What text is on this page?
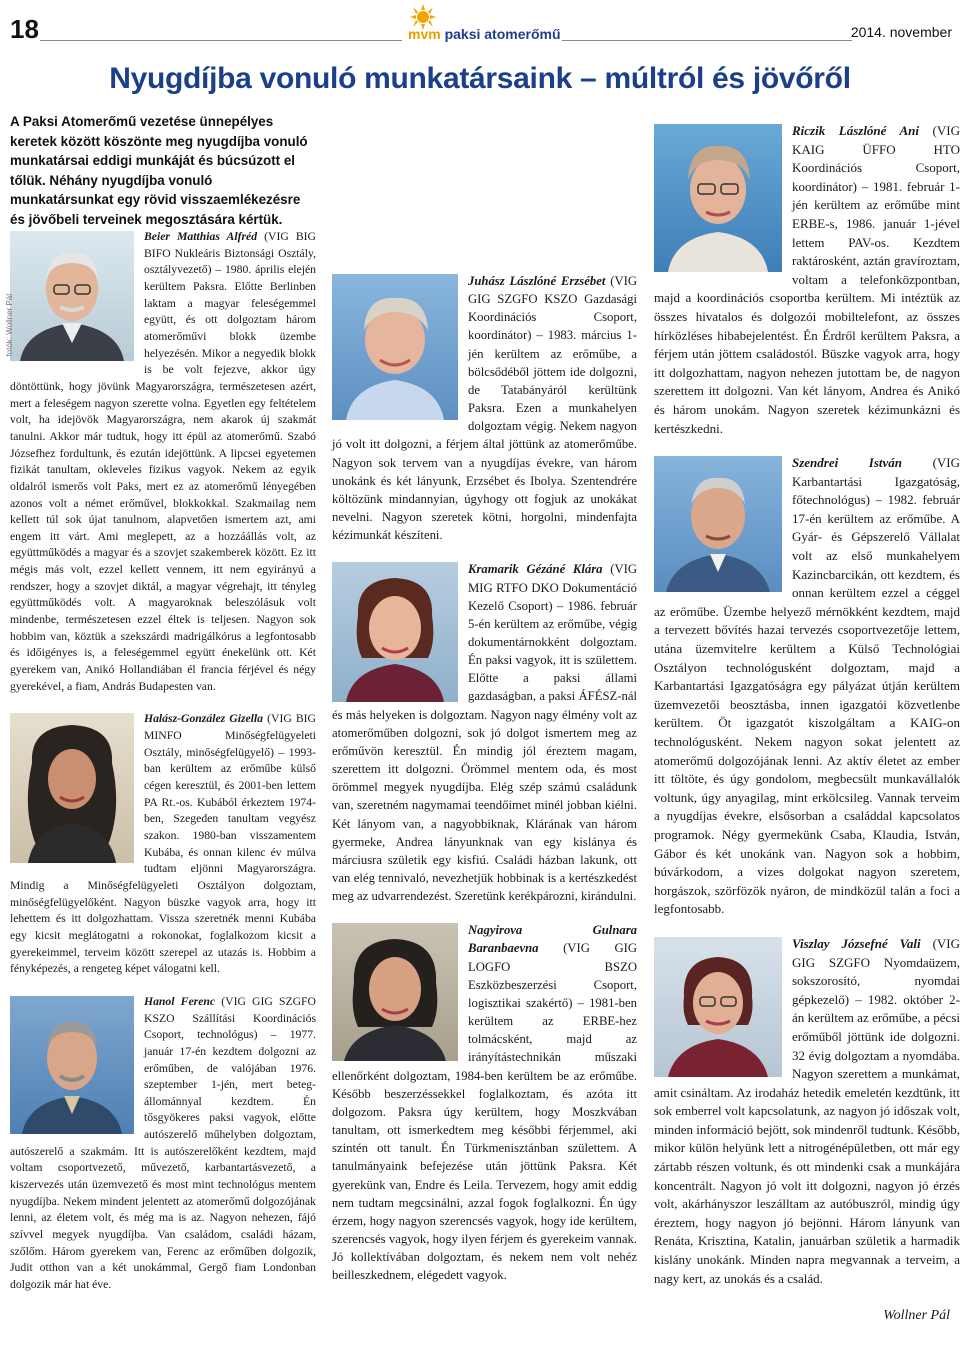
18	mvm paksi atomerőmű	2014. november
Nyugdíjba vonuló munkatársaink – múltról és jövőről

A Paksi Atomerőmű vezetése ünnepélyes keretek között köszönte meg nyugdíjba vonuló munkatársai eddigi munkáját és búcsúzott el tőlük. Néhány nyugdíjba vonuló munkatársunkat egy rövid visszaemlékezésre és jövőbeli terveinek megosztására kértük.

fotók: Wollner Pál

Beier Matthias Alfréd (VIG BIG BIFO Nukleáris Biztonsági Osztály, osztályvezető) – 1980. április elején kerültem Paksra. Előtte Berlinben laktam a magyar feleségemmel együtt, és ott dolgoztam három atomerőművi blokk üzembe helyezésén. Mikor a negyedik blokk is be volt fejezve, akkor úgy döntöttünk, hogy jövünk Magyarországra, természetesen azért, mert a feleségem nagyon szerette volna. Egyetlen egy feltételem volt, ha idejövök Magyarországra, nem akarok új szakmát tanulni. Akkor már tudtuk, hogy itt épül az atomerőmű. Szabó Józsefhez fordultunk, és ezután idejöttünk. A lipcsei egyetemen fizikát tanultam, okleveles fizikus vagyok. Nekem az egyik oldalról ismerős volt Paks, mert ez az atomerőmű lényegében azonos volt a német erőművel, blokkokkal. Szakmailag nem kellett túl sok újat tanulnom, alapvetően ismertem azt, ami engem itt várt. Ami meglepett, az a hozzáállás volt, az együttműködés a magyar és a szovjet szakemberek között. Ez itt mégis más volt, ezzel kellett vennem, itt nem egyirányú a rendszer, hogy a szovjet diktál, a magyar végrehajt, itt tényleg együttműködés volt. A magyaroknak beleszólásuk volt mindenbe, természetesen ezzel éltek is teljesen. Nagyon sok hobbim van, köztük a szekszárdi madrigálkórus a legfontosabb és időigényes is, a feleségemmel együtt énekelünk ott. Két gyerekem van, Anikó Hollandiában él francia férjével és négy gyerekével, a fiam, András Budapesten van.

Halász-González Gizella (VIG BIG MINFO Minőségfelügyeleti Osztály, minőségfelügyelő) – 1993-ban kerültem az erőműbe külső cégen keresztül, és 2001-ben lettem PA Rt.-os. Kubából érkeztem 1974-ben, Szegeden tanultam vegyész szakon. 1980-ban visszamentem Kubába, és onnan kilenc év múlva tudtam eljönni Magyarországra. Mindig a Minőségfelügyeleti Osztályon dolgoztam, minőségfelügyelőként. Nagyon büszke vagyok arra, hogy itt lehettem és itt dolgozhattam. Vissza szeretnék menni Kubába egy kicsit meglátogatni a rokonokat, foglalkozom kicsit a gyerekeimmel, terveim között szerepel az utazás is. Hobbim a fényképezés, a rengeteg képet válogatni kell.

Hanol Ferenc (VIG GIG SZGFO KSZO Szállítási Koordinációs Csoport, technológus) – 1977. január 17-én kezdtem dolgozni az erőműben, de valójában 1976. szeptember 1-jén, mert beteg-állománnyal kezdtem. Én tősgyökeres paksi vagyok, előtte autószerelő műhelyben dolgoztam, autószerelő a szakmám. Itt is autószerelőként kezdtem, majd voltam csoportvezető, művezető, karbantartásvezető, a kiszervezés után üzemvezető és most mint technológus mentem nyugdíjba. Nekem mindent jelentett az atomerőmű dolgozójának lenni, az életem volt, és még ma is az. Nagyon nehezen, fájó szívvel megyek nyugdíjba. Van családom, családi házam, szőlőm. Három gyerekem van, Ferenc az erőműben dolgozik, Judit otthon van a két unokámmal, Gergő fiam Londonban dolgozik már hat éve.

Juhász Lászlóné Erzsébet (VIG GIG SZGFO KSZO Gazdasági Koordinációs Csoport, koordinátor) – 1983. március 1-jén kerültem az erőműbe, a bölcsődéből jöttem ide dolgozni, de Tatabányáról kerültünk Paksra. Ezen a munkahelyen dolgoztam végig. Nekem nagyon jó volt itt dolgozni, a férjem által jöttünk az atomerőműbe. Nagyon sok tervem van a nyugdíjas évekre, van három unokánk és két lányunk, Erzsébet és Ibolya. Szentendrére költözünk mindannyian, úgyhogy ott fogjuk az unokákat nevelni. Nagyon szeretek kötni, horgolni, mindenfajta kézimunkát készíteni.

Kramarik Gézáné Klára (VIG MIG RTFO DKO Dokumentáció Kezelő Csoport) – 1986. február 5-én kerültem az erőműbe, végig dokumentárnokként dolgoztam. Én paksi vagyok, itt is születtem. Előtte a paksi állami gazdaságban, a paksi ÁFÉSZ-nál és más helyeken is dolgoztam. Nagyon nagy élmény volt az atomerőműben dolgozni, sok jó dolgot ismertem meg az erőművön keresztül. Én mindig jól éreztem magam, szerettem itt dolgozni. Örömmel mentem oda, és most örömmel megyek nyugdíjba. Elég szép számú családunk van, szeretném nagymamai teendőimet minél jobban kiélni. Két lányom van, a nagyobbiknak, Klárának van három gyermeke, Andrea lányunknak van egy kislánya és márciusra születik egy kisfiú. Családi házban lakunk, ott van elég tennivaló, nevezhetjük hobbinak is a kertészkedést meg az udvarrendezést. Szeretünk kerékpározni, kirándulni.

Nagyirova Gulnara Baranbaevna (VIG GIG LOGFO BSZO Eszközbeszerzési Csoport, logisztikai szakértő) – 1981-ben kerültem az ERBE-hez tolmácsként, majd az irányítástechnikán műszaki ellenőrként dolgoztam, 1984-ben kerültem be az erőműbe. Később beszerzéssekkel foglalkoztam, és azóta itt dolgozom. Paksra úgy kerültem, hogy Moszkvában tanultam, ott ismerkedtem meg későbbi férjemmel, aki szintén ott tanult. Én Türkmenisztánban születtem. A tanulmányaink befejezése után jöttünk Paksra. Két gyerekünk van, Endre és Leila. Tervezem, hogy amit eddig nem tudtam megcsinálni, azzal fogok foglalkozni. Én úgy érzem, hogy nagyon szerencsés vagyok, hogy ide kerültem, szerencsés vagyok, hogy ilyen férjem és gyerekeim vannak. Jó kollektívában dolgoztam, és nekem nem volt nehéz beilleszkednem, elégedett vagyok.

Riczik Lászlóné Ani (VIG KAIG ÜFFO HTO Koordinációs Csoport, koordinátor) – 1981. február 1-jén kerültem az erőműbe mint ERBE-s, 1986. január 1-jével lettem PAV-os. Kezdtem raktárosként, aztán gravíroztam, voltam a telefonközpontban, majd a koordinációs csoportba kerültem. Mi intéztük az összes hivatalos és dolgozói mobiltelefont, az összes hírközléses hibabejelentést. Én Érdről kerültem Paksra, a férjem után jöttem családostól. Büszke vagyok arra, hogy itt dolgozhattam, nagyon nehezen jutottam be, de nagyon szerettem itt dolgozni. Van két lányom, Andrea és Anikó és három unokám. Nagyon szeretek kézimunkázni és kertészkedni.

Szendrei István (VIG Karbantartási Igazgatóság, főtechnológus) – 1982. február 17-én kerültem az erőműbe. A Gyár- és Gépszerelő Vállalat volt az első munkahelyem Kazincbarcikán, ott kezdtem, és onnan kerültem ezzel a céggel az erőműbe. Üzembe helyező mérnökként kezdtem, majd a tervezett bővítés hazai tervezés csoportvezetője lettem, utána üzemvitelre kerültem a Külső Technológiai Osztályon technológusként dolgoztam, majd a Karbantartási Igazgatóságra egy pályázat útján kerültem üzemvezetői beosztásba, innen igazgatói közvetlenbe kerültem. Öt igazgatót kiszolgáltam a KAIG-on technológusként. Nekem nagyon sokat jelentett az atomerőmű dolgozójának lenni. Az aktív életet az ember itt töltöte, és úgy gondolom, megbecsült munkavállalók voltunk, úgy anyagilag, mint erkölcsileg. Vannak terveim a nyugdíjas évekre, elsősorban a családdal kapcsolatos programok. Négy gyermekünk Csaba, Klaudia, István, Gábor és két unokánk van. Nagyon sok a hobbim, búvárkodom, a vizes dolgokat nagyon szeretem, horgászok, szörfözök nyáron, de mindközül talán a foci a legfontosabb.

Viszlay Józsefné Vali (VIG GIG SZGFO Nyomdaüzem, sokszorosító, nyomdai gépkezelő) – 1982. október 2-án kerültem az erőműbe, a pécsi erőműből jöttünk ide dolgozni. 32 évig dolgoztam a nyomdába. Nagyon szerettem a munkámat, amit csináltam. Az irodaház hetedik emeletén kezdtünk, itt sok emberrel volt kapcsolatunk, az nagyon jó időszak volt, minden információ bejött, sok mindenről tudtunk. Később, mikor külön helyünk lett a nitrogénépületben, ott már egy zártabb részen voltunk, és ott mindenki csak a munkájára koncentrált. Nagyon jó volt itt dolgozni, nagyon jó érzés volt, akárhányszor leszálltam az autóbuszról, mindig úgy éreztem, hogy nagyon jó bejönni. Három lányunk van Renáta, Krisztina, Katalin, januárban születik a harmadik kislány unokánk. Minden napra megvannak a terveim, a nagy kert, az unokás és a család.

Wollner Pál
